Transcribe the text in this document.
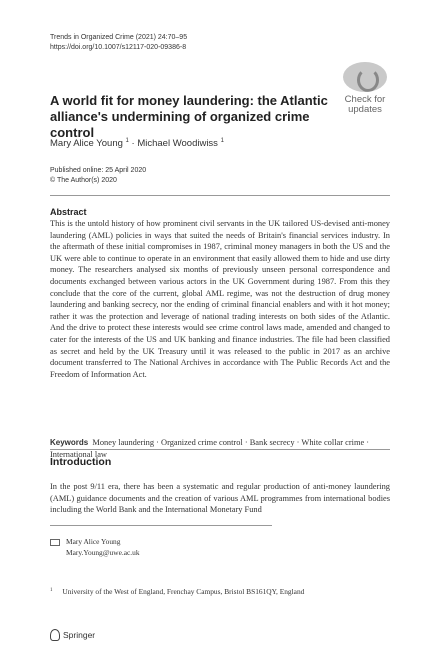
Trends in Organized Crime (2021) 24:70–95
https://doi.org/10.1007/s12117-020-09386-8
Check for
updates
A world fit for money laundering: the Atlantic alliance's undermining of organized crime control
Mary Alice Young $^1$ · Michael Woodiwiss $^1$
Published online: 25 April 2020
© The Author(s) 2020
Abstract
This is the untold history of how prominent civil servants in the UK tailored US-devised anti-money laundering (AML) policies in ways that suited the needs of Britain's financial services industry. In the aftermath of these initial compromises in 1987, criminal money managers in both the US and the UK were able to continue to operate in an environment that easily allowed them to hide and use dirty money. The researchers analysed six months of previously unseen personal correspondence and documents exchanged between various actors in the UK Government during 1987. From this they conclude that the core of the current, global AML regime, was not the destruction of drug money laundering and banking secrecy, nor the ending of criminal financial enablers and with it hot money; rather it was the protection and leverage of national trading interests on both sides of the Atlantic. And the drive to protect these interests would see crime control laws made, amended and changed to cater for the interests of the US and UK banking and finance industries. The file had been classified as secret and held by the UK Treasury until it was released to the public in 2017 as an archive document transferred to The National Archives in accordance with The Public Records Act and the Freedom of Information Act.
Keywords Money laundering · Organized crime control · Bank secrecy · White collar crime · International law
Introduction
In the post 9/11 era, there has been a systematic and regular production of anti-money laundering (AML) guidance documents and the creation of various AML programmes from international bodies including the World Bank and the International Monetary Fund
Mary Alice Young
Mary.Young@uwe.ac.uk
$^1$ University of the West of England, Frenchay Campus, Bristol BS161QY, England
Springer
